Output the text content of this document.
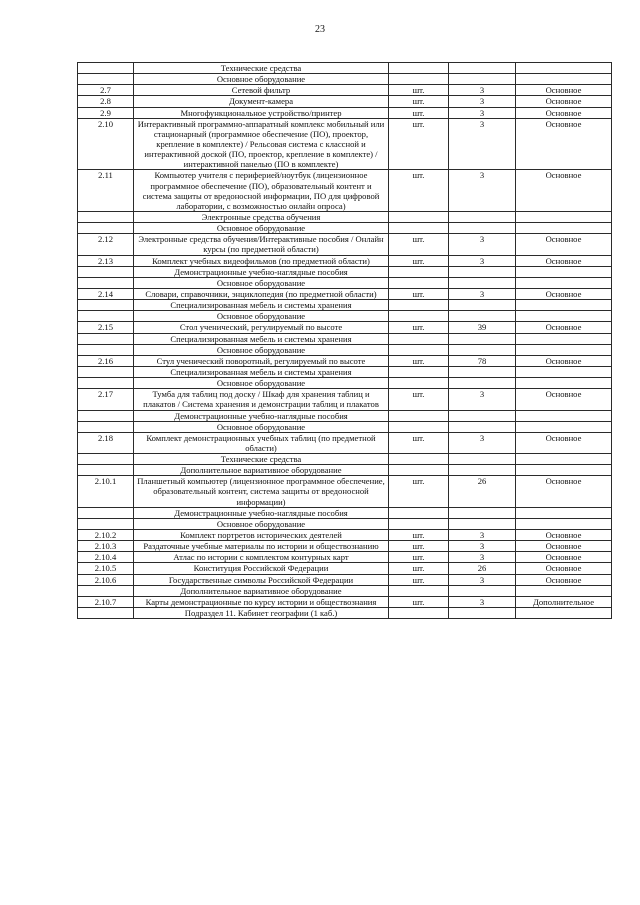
23
	Технические средства			
	Основное оборудование			
2.7	Сетевой фильтр	шт.	3	Основное
2.8	Документ-камера	шт.	3	Основное
2.9	Многофункциональное устройство/принтер	шт.	3	Основное
2.10	Интерактивный программно-аппаратный комплекс мобильный или стационарный (программное обеспечение (ПО), проектор, крепление в комплекте) / Рельсовая система с классной и интерактивной доской (ПО, проектор, крепление в комплекте) / интерактивной панелью (ПО в комплекте)	шт.	3	Основное
2.11	Компьютер учителя с периферией/ноутбук (лицензионное программное обеспечение (ПО), образовательный контент и система защиты от вредоносной информации, ПО для цифровой лаборатории, с возможностью онлайн опроса)	шт.	3	Основное
	Электронные средства обучения			
	Основное оборудование			
2.12	Электронные средства обучения/Интерактивные пособия / Онлайн курсы (по предметной области)	шт.	3	Основное
2.13	Комплект учебных видеофильмов (по предметной области)	шт.	3	Основное
	Демонстрационные учебно-наглядные пособия			
	Основное оборудование			
2.14	Словари, справочники, энциклопедия (по предметной области)	шт.	3	Основное
	Специализированная мебель и системы хранения			
	Основное оборудование			
2.15	Стол ученический, регулируемый по высоте	шт.	39	Основное
	Специализированная мебель и системы хранения			
	Основное оборудование			
2.16	Стул ученический поворотный, регулируемый по высоте	шт.	78	Основное
	Специализированная мебель и системы хранения			
	Основное оборудование			
2.17	Тумба для таблиц под доску / Шкаф для хранения таблиц и плакатов / Система хранения и демонстрации таблиц и плакатов	шт.	3	Основное
	Демонстрационные учебно-наглядные пособия			
	Основное оборудование			
2.18	Комплект демонстрационных учебных таблиц (по предметной области)	шт.	3	Основное
	Технические средства			
	Дополнительное вариативное оборудование			
2.10.1	Планшетный компьютер (лицензионное программное обеспечение, образовательный контент, система защиты от вредоносной информации)	шт.	26	Основное
	Демонстрационные учебно-наглядные пособия			
	Основное оборудование			
2.10.2	Комплект портретов исторических деятелей	шт.	3	Основное
2.10.3	Раздаточные учебные материалы по истории и обществознанию	шт.	3	Основное
2.10.4	Атлас по истории с комплектом контурных карт	шт.	3	Основное
2.10.5	Конституция Российской Федерации	шт.	26	Основное
2.10.6	Государственные символы Российской Федерации	шт.	3	Основное
	Дополнительное вариативное оборудование			
2.10.7	Карты демонстрационные по курсу истории и обществознания	шт.	3	Дополнительное
	Подраздел 11. Кабинет географии (1 каб.)			
